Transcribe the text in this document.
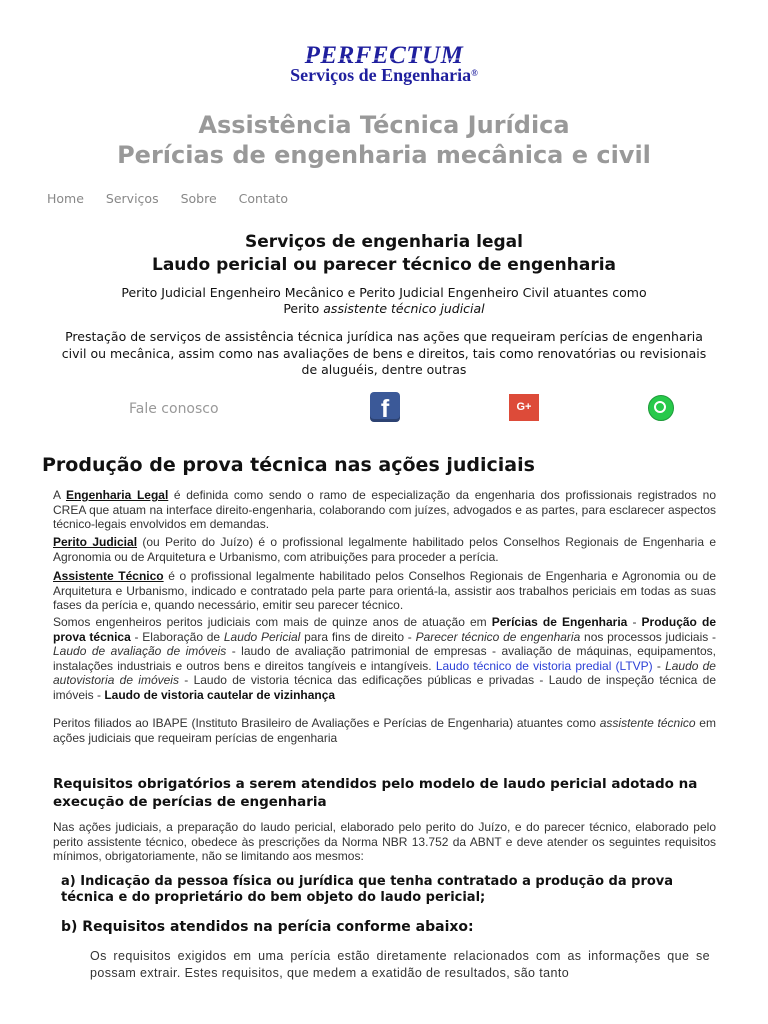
PERFECTUM
Serviços de Engenharia®
Assistência Técnica Jurídica
Perícias de engenharia mecânica e civil
Home Serviços Sobre Contato
Serviços de engenharia legal
Laudo pericial ou parecer técnico de engenharia
Perito Judicial Engenheiro Mecânico e Perito Judicial Engenheiro Civil atuantes como
Perito assistente técnico judicial
Prestação de serviços de assistência técnica jurídica nas ações que requeiram perícias de engenharia civil ou mecânica, assim como nas avaliações de bens e direitos, tais como renovatórias ou revisionais de aluguéis, dentre outras
Fale conosco	f	G+
Produção de prova técnica nas ações judiciais
A Engenharia Legal é definida como sendo o ramo de especialização da engenharia dos profissionais registrados no CREA que atuam na interface direito-engenharia, colaborando com juízes, advogados e as partes, para esclarecer aspectos técnico-legais envolvidos em demandas.
Perito Judicial (ou Perito do Juízo) é o profissional legalmente habilitado pelos Conselhos Regionais de Engenharia e Agronomia ou de Arquitetura e Urbanismo, com atribuições para proceder a perícia.
Assistente Técnico é o profissional legalmente habilitado pelos Conselhos Regionais de Engenharia e Agronomia ou de Arquitetura e Urbanismo, indicado e contratado pela parte para orientá-la, assistir aos trabalhos periciais em todas as suas fases da perícia e, quando necessário, emitir seu parecer técnico.
Somos engenheiros peritos judiciais com mais de quinze anos de atuação em Perícias de Engenharia - Produção de prova técnica - Elaboração de Laudo Pericial para fins de direito - Parecer técnico de engenharia nos processos judiciais - Laudo de avaliação de imóveis - laudo de avaliação patrimonial de empresas - avaliação de máquinas, equipamentos, instalações industriais e outros bens e direitos tangíveis e intangíveis. Laudo técnico de vistoria predial (LTVP) - Laudo de autovistoria de imóveis - Laudo de vistoria técnica das edificações públicas e privadas - Laudo de inspeção técnica de imóveis - Laudo de vistoria cautelar de vizinhança
Peritos filiados ao IBAPE (Instituto Brasileiro de Avaliações e Perícias de Engenharia) atuantes como assistente técnico em ações judiciais que requeiram perícias de engenharia
Requisitos obrigatórios a serem atendidos pelo modelo de laudo pericial adotado na execução de perícias de engenharia
Nas ações judiciais, a preparação do laudo pericial, elaborado pelo perito do Juízo, e do parecer técnico, elaborado pelo perito assistente técnico, obedece às prescrições da Norma NBR 13.752 da ABNT e deve atender os seguintes requisitos mínimos, obrigatoriamente, não se limitando aos mesmos:
a) Indicação da pessoa física ou jurídica que tenha contratado a produção da prova técnica e do proprietário do bem objeto do laudo pericial;
b) Requisitos atendidos na perícia conforme abaixo:
Os requisitos exigidos em uma perícia estão diretamente relacionados com as informações que se possam extrair. Estes requisitos, que medem a exatidão de resultados, são tanto
